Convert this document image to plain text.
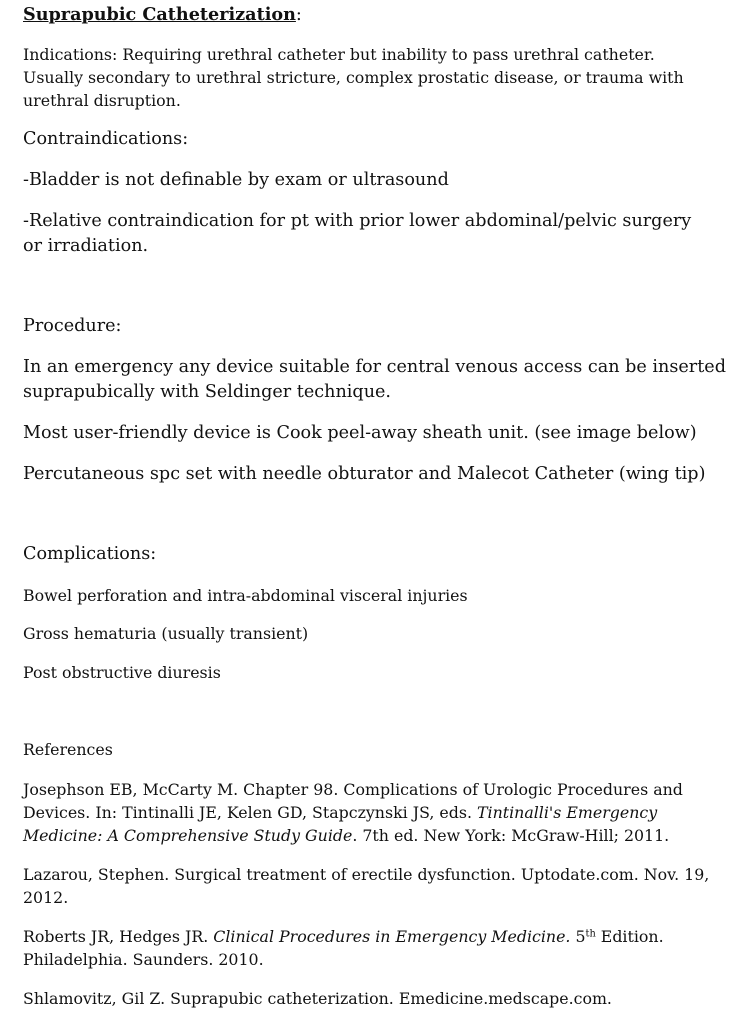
Suprapubic Catheterization:

Indications: Requiring urethral catheter but inability to pass urethral catheter.

Usually secondary to urethral stricture, complex prostatic disease, or trauma with

urethral disruption.

Contraindications:

-Bladder is not definable by exam or ultrasound

-Relative contraindication for pt with prior lower abdominal/pelvic surgery

or irradiation.

Procedure:

In an emergency any device suitable for central venous access can be inserted

suprapubically with Seldinger technique.

Most user-friendly device is Cook peel-away sheath unit. (see image below)

Percutaneous spc set with needle obturator and Malecot Catheter (wing tip)

Complications:

Bowel perforation and intra-abdominal visceral injuries

Gross hematuria (usually transient)

Post obstructive diuresis

References

Josephson EB, McCarty M. Chapter 98. Complications of Urologic Procedures and

Devices. In: Tintinalli JE, Kelen GD, Stapczynski JS, eds. Tintinalli's Emergency

Medicine: A Comprehensive Study Guide. 7th ed. New York: McGraw-Hill; 2011.

Lazarou, Stephen. Surgical treatment of erectile dysfunction. Uptodate.com. Nov. 19,

2012.

Roberts JR, Hedges JR. Clinical Procedures in Emergency Medicine. 5th Edition.

Philadelphia. Saunders. 2010.

Shlamovitz, Gil Z. Suprapubic catheterization. Emedicine.medscape.com.
